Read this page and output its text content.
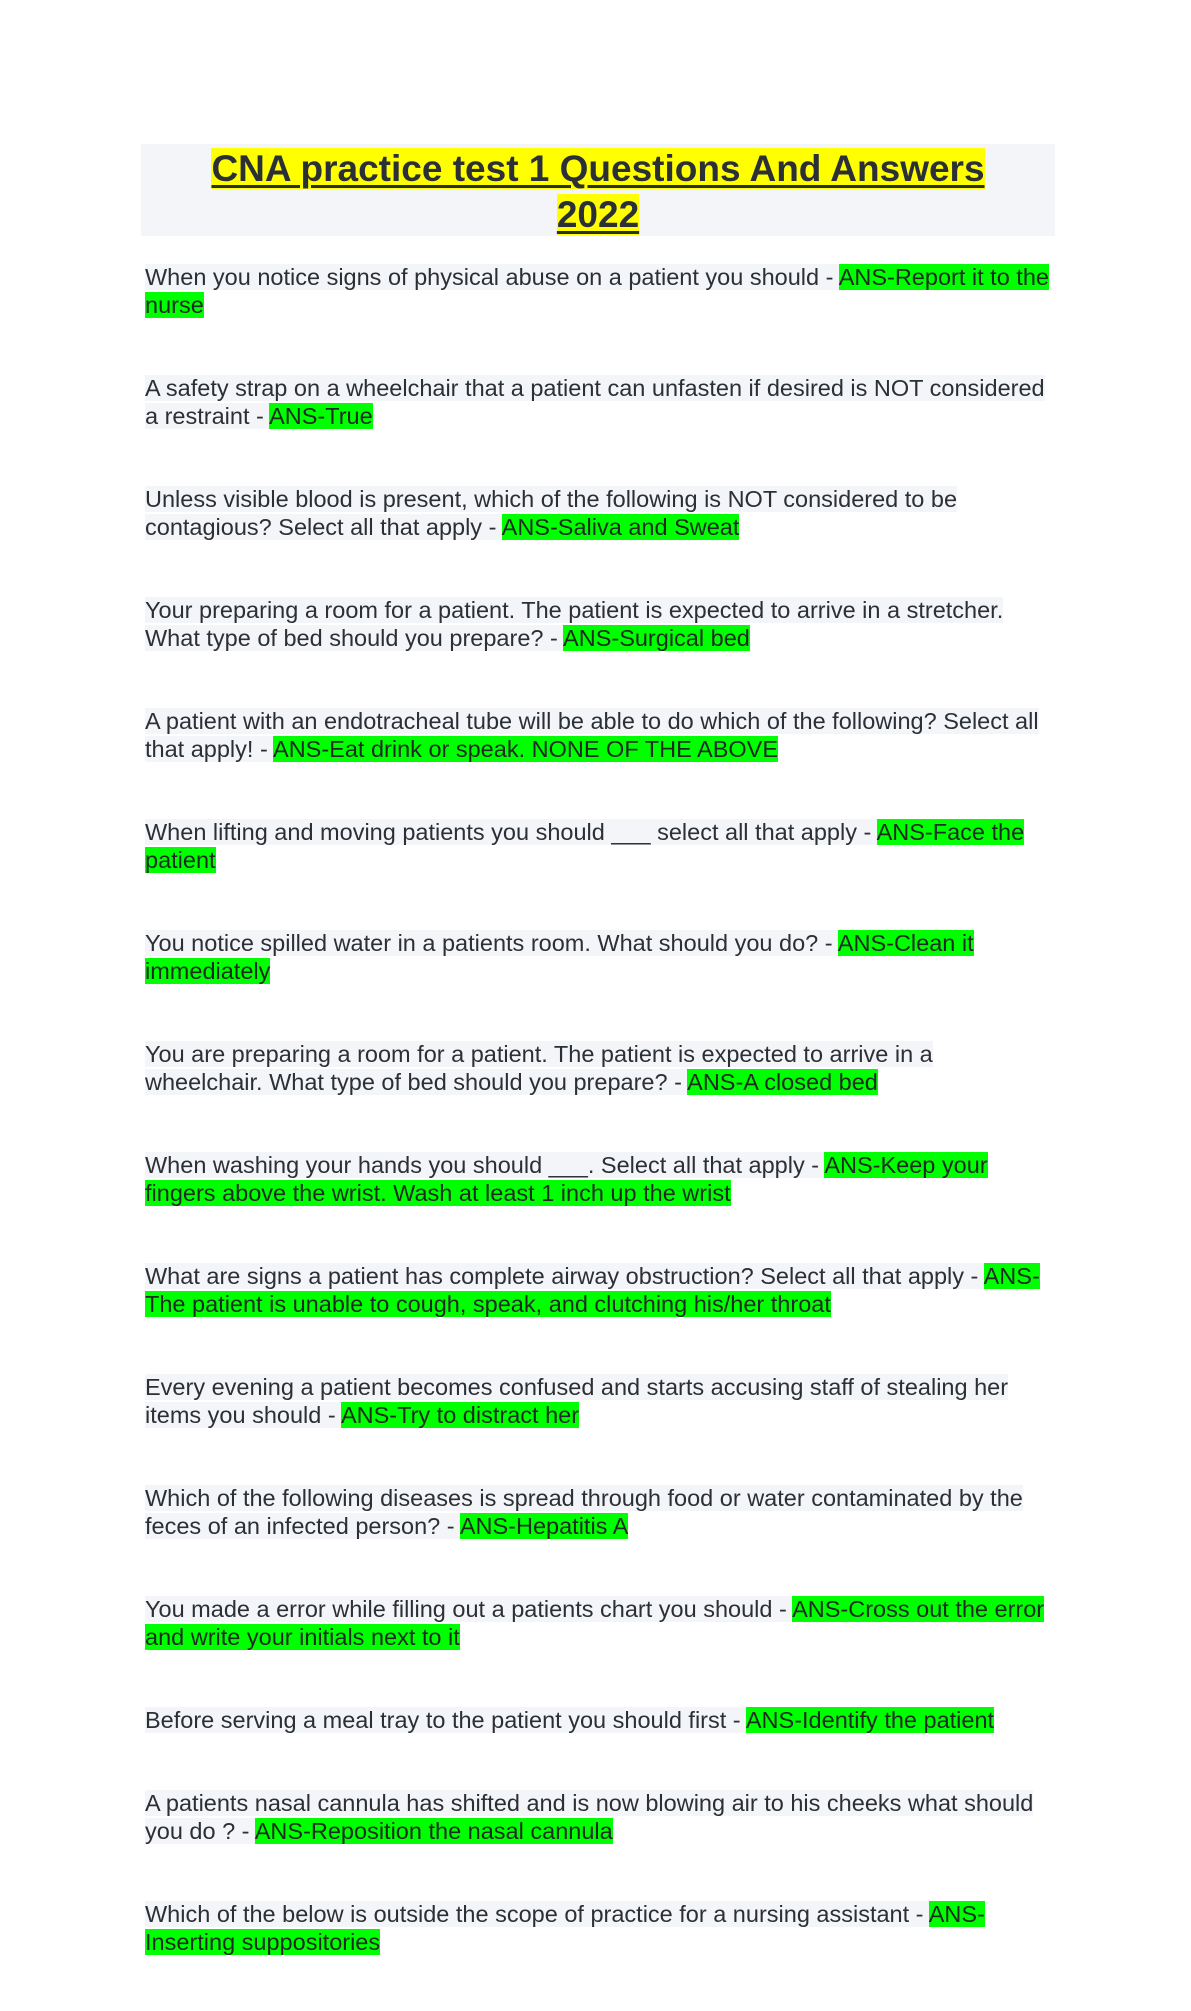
CNA practice test 1 Questions And Answers
2022

When you notice signs of physical abuse on a patient you should - ANS-Report it to the nurse

A safety strap on a wheelchair that a patient can unfasten if desired is NOT considered a restraint - ANS-True

Unless visible blood is present, which of the following is NOT considered to be contagious? Select all that apply - ANS-Saliva and Sweat

Your preparing a room for a patient. The patient is expected to arrive in a stretcher. What type of bed should you prepare? - ANS-Surgical bed

A patient with an endotracheal tube will be able to do which of the following? Select all that apply! - ANS-Eat drink or speak. NONE OF THE ABOVE

When lifting and moving patients you should ___ select all that apply - ANS-Face the patient

You notice spilled water in a patients room. What should you do? - ANS-Clean it immediately

You are preparing a room for a patient. The patient is expected to arrive in a wheelchair. What type of bed should you prepare? - ANS-A closed bed

When washing your hands you should ___. Select all that apply - ANS-Keep your fingers above the wrist. Wash at least 1 inch up the wrist

What are signs a patient has complete airway obstruction? Select all that apply - ANS-The patient is unable to cough, speak, and clutching his/her throat

Every evening a patient becomes confused and starts accusing staff of stealing her items you should - ANS-Try to distract her

Which of the following diseases is spread through food or water contaminated by the feces of an infected person? - ANS-Hepatitis A

You made a error while filling out a patients chart you should - ANS-Cross out the error and write your initials next to it

Before serving a meal tray to the patient you should first - ANS-Identify the patient

A patients nasal cannula has shifted and is now blowing air to his cheeks what should you do ? - ANS-Reposition the nasal cannula

Which of the below is outside the scope of practice for a nursing assistant - ANS-Inserting suppositories
